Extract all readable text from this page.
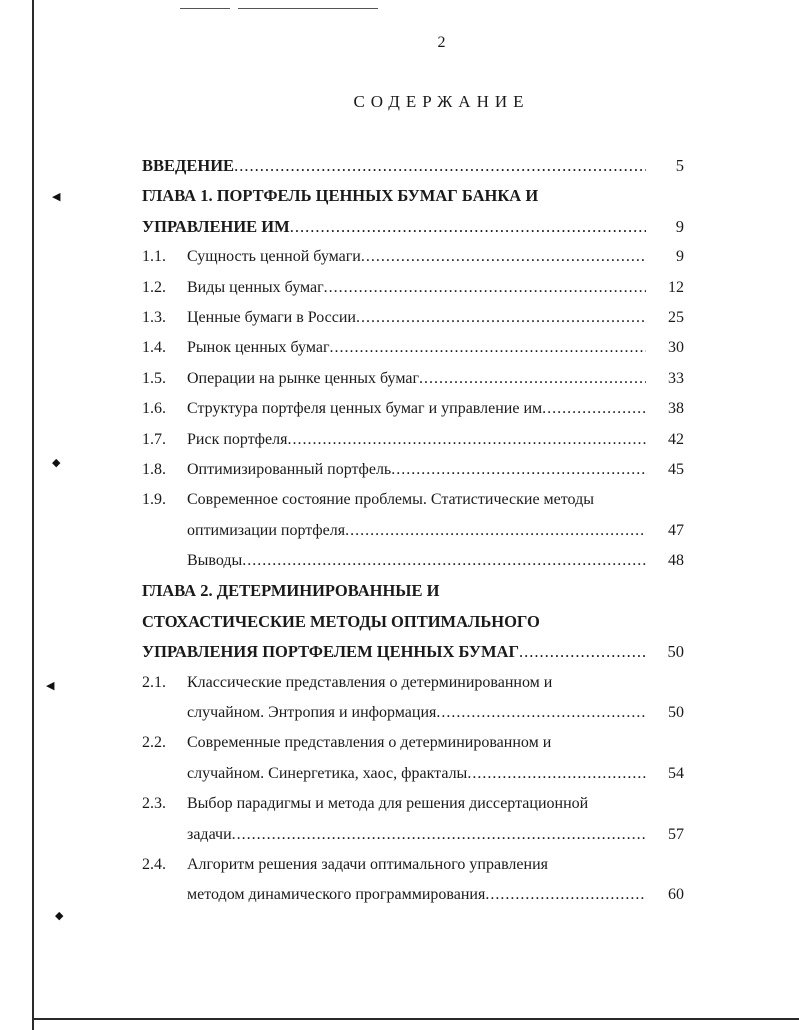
◀
◆
◀
◆
2
СОДЕРЖАНИЕ
ВВЕДЕНИЕ .....	5
ГЛАВА 1. ПОРТФЕЛЬ ЦЕННЫХ БУМАГ БАНКА И
УПРАВЛЕНИЕ ИМ .....	9
1.1. Сущность ценной бумаги .....	9
1.2. Виды ценных бумаг .....	12
1.3. Ценные бумаги в России .....	25
1.4. Рынок ценных бумаг .....	30
1.5. Операции на рынке ценных бумаг .....	33
1.6. Структура портфеля ценных бумаг и управление им .....	38
1.7. Риск портфеля .....	42
1.8. Оптимизированный портфель .....	45
1.9. Современное состояние проблемы. Статистические методы
оптимизации портфеля .....	47
Выводы .....	48
ГЛАВА 2. ДЕТЕРМИНИРОВАННЫЕ И
СТОХАСТИЧЕСКИЕ МЕТОДЫ ОПТИМАЛЬНОГО
УПРАВЛЕНИЯ ПОРТФЕЛЕМ ЦЕННЫХ БУМАГ .....	50
2.1. Классические представления о детерминированном и
случайном. Энтропия и информация .....	50
2.2. Современные представления о детерминированном и
случайном. Синергетика, хаос, фракталы .....	54
2.3. Выбор парадигмы и метода для решения диссертационной
задачи .....	57
2.4. Алгоритм решения задачи оптимального управления
методом динамического программирования .....	60
